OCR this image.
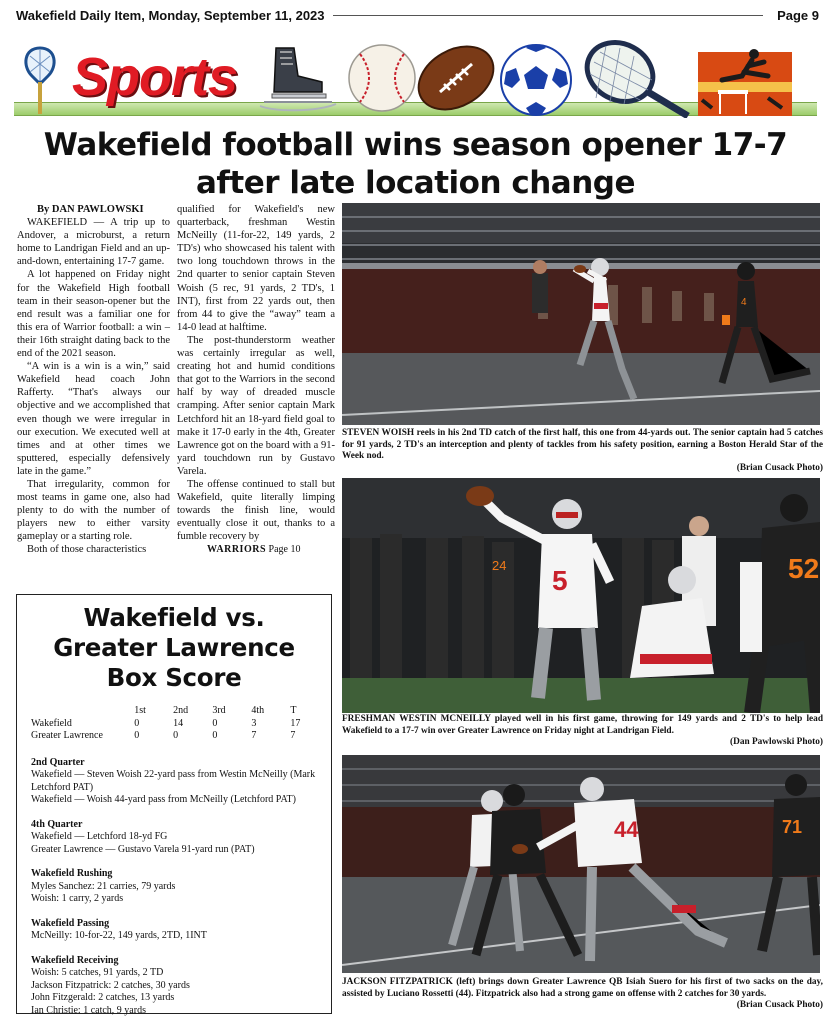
Wakefield Daily Item, Monday, September 11, 2023	Page 9
Sports
Wakefield football wins season opener 17-7
after late location change

By DAN PAWLOWSKI

WAKEFIELD — A trip up to Andover, a microburst, a return home to Landrigan Field and an up-and-down, entertaining 17-7 game.

A lot happened on Friday night for the Wakefield High football team in their season-opener but the end result was a familiar one for this era of Warrior football: a win – their 16th straight dating back to the end of the 2021 season.

“A win is a win is a win,” said Wakefield head coach John Rafferty. “That's always our objective and we accomplished that even though we were irregular in our execution. We executed well at times and at other times we sputtered, especially defensively late in the game.”

That irregularity, common for most teams in game one, also had plenty to do with the number of players new to either varsity gameplay or a starting role.

Both of those characteristics

qualified for Wakefield's new quarterback, freshman Westin McNeilly (11-for-22, 149 yards, 2 TD's) who showcased his talent with two long touchdown throws in the 2nd quarter to senior captain Steven Woish (5 rec, 91 yards, 2 TD's, 1 INT), first from 22 yards out, then from 44 to give the “away” team a 14-0 lead at halftime.

The post-thunderstorm weather was certainly irregular as well, creating hot and humid conditions that got to the Warriors in the second half by way of dreaded muscle cramping. After senior captain Mark Letchford hit an 18-yard field goal to make it 17-0 early in the 4th, Greater Lawrence got on the board with a 91-yard touchdown run by Gustavo Varela.

The offense continued to stall but Wakefield, quite literally limping towards the finish line, would eventually close it out, thanks to a fumble recovery by

WARRIORS Page 10

4
STEVEN WOISH reels in his 2nd TD catch of the first half, this one from 44-yards out. The senior captain had 5 catches for 91 yards, 2 TD's an interception and plenty of tackles from his safety position, earning a Boston Herald Star of the Week nod.
(Brian Cusack Photo)
24 5	52
FRESHMAN WESTIN MCNEILLY played well in his first game, throwing for 149 yards and 2 TD's to help lead Wakefield to a 17-7 win over Greater Lawrence on Friday night at Landrigan Field.
(Dan Pawlowski Photo)
44	71
JACKSON FITZPATRICK (left) brings down Greater Lawrence QB Isiah Suero for his first of two sacks on the day, assisted by Luciano Rossetti (44). Fitzpatrick also had a strong game on offense with 2 catches for 30 yards.
(Brian Cusack Photo)
Wakefield vs. Greater Lawrence Box Score
	1st	2nd	3rd	4th	T
Wakefield	0	14	0	3	17
Greater Lawrence	0	0	0	7	7
2nd Quarter
Wakefield — Steven Woish 22-yard pass from Westin McNeilly (Mark Letchford PAT)
Wakefield — Woish 44-yard pass from McNeilly (Letchford PAT)
4th Quarter
Wakefield — Letchford 18-yd FG
Greater Lawrence — Gustavo Varela 91-yard run (PAT)
Wakefield Rushing
Myles Sanchez: 21 carries, 79 yards
Woish: 1 carry, 2 yards
Wakefield Passing
McNeilly: 10-for-22, 149 yards, 2TD, 1INT
Wakefield Receiving
Woish: 5 catches, 91 yards, 2 TD
Jackson Fitzpatrick: 2 catches, 30 yards
John Fitzgerald: 2 catches, 13 yards
Ian Christie: 1 catch, 9 yards
